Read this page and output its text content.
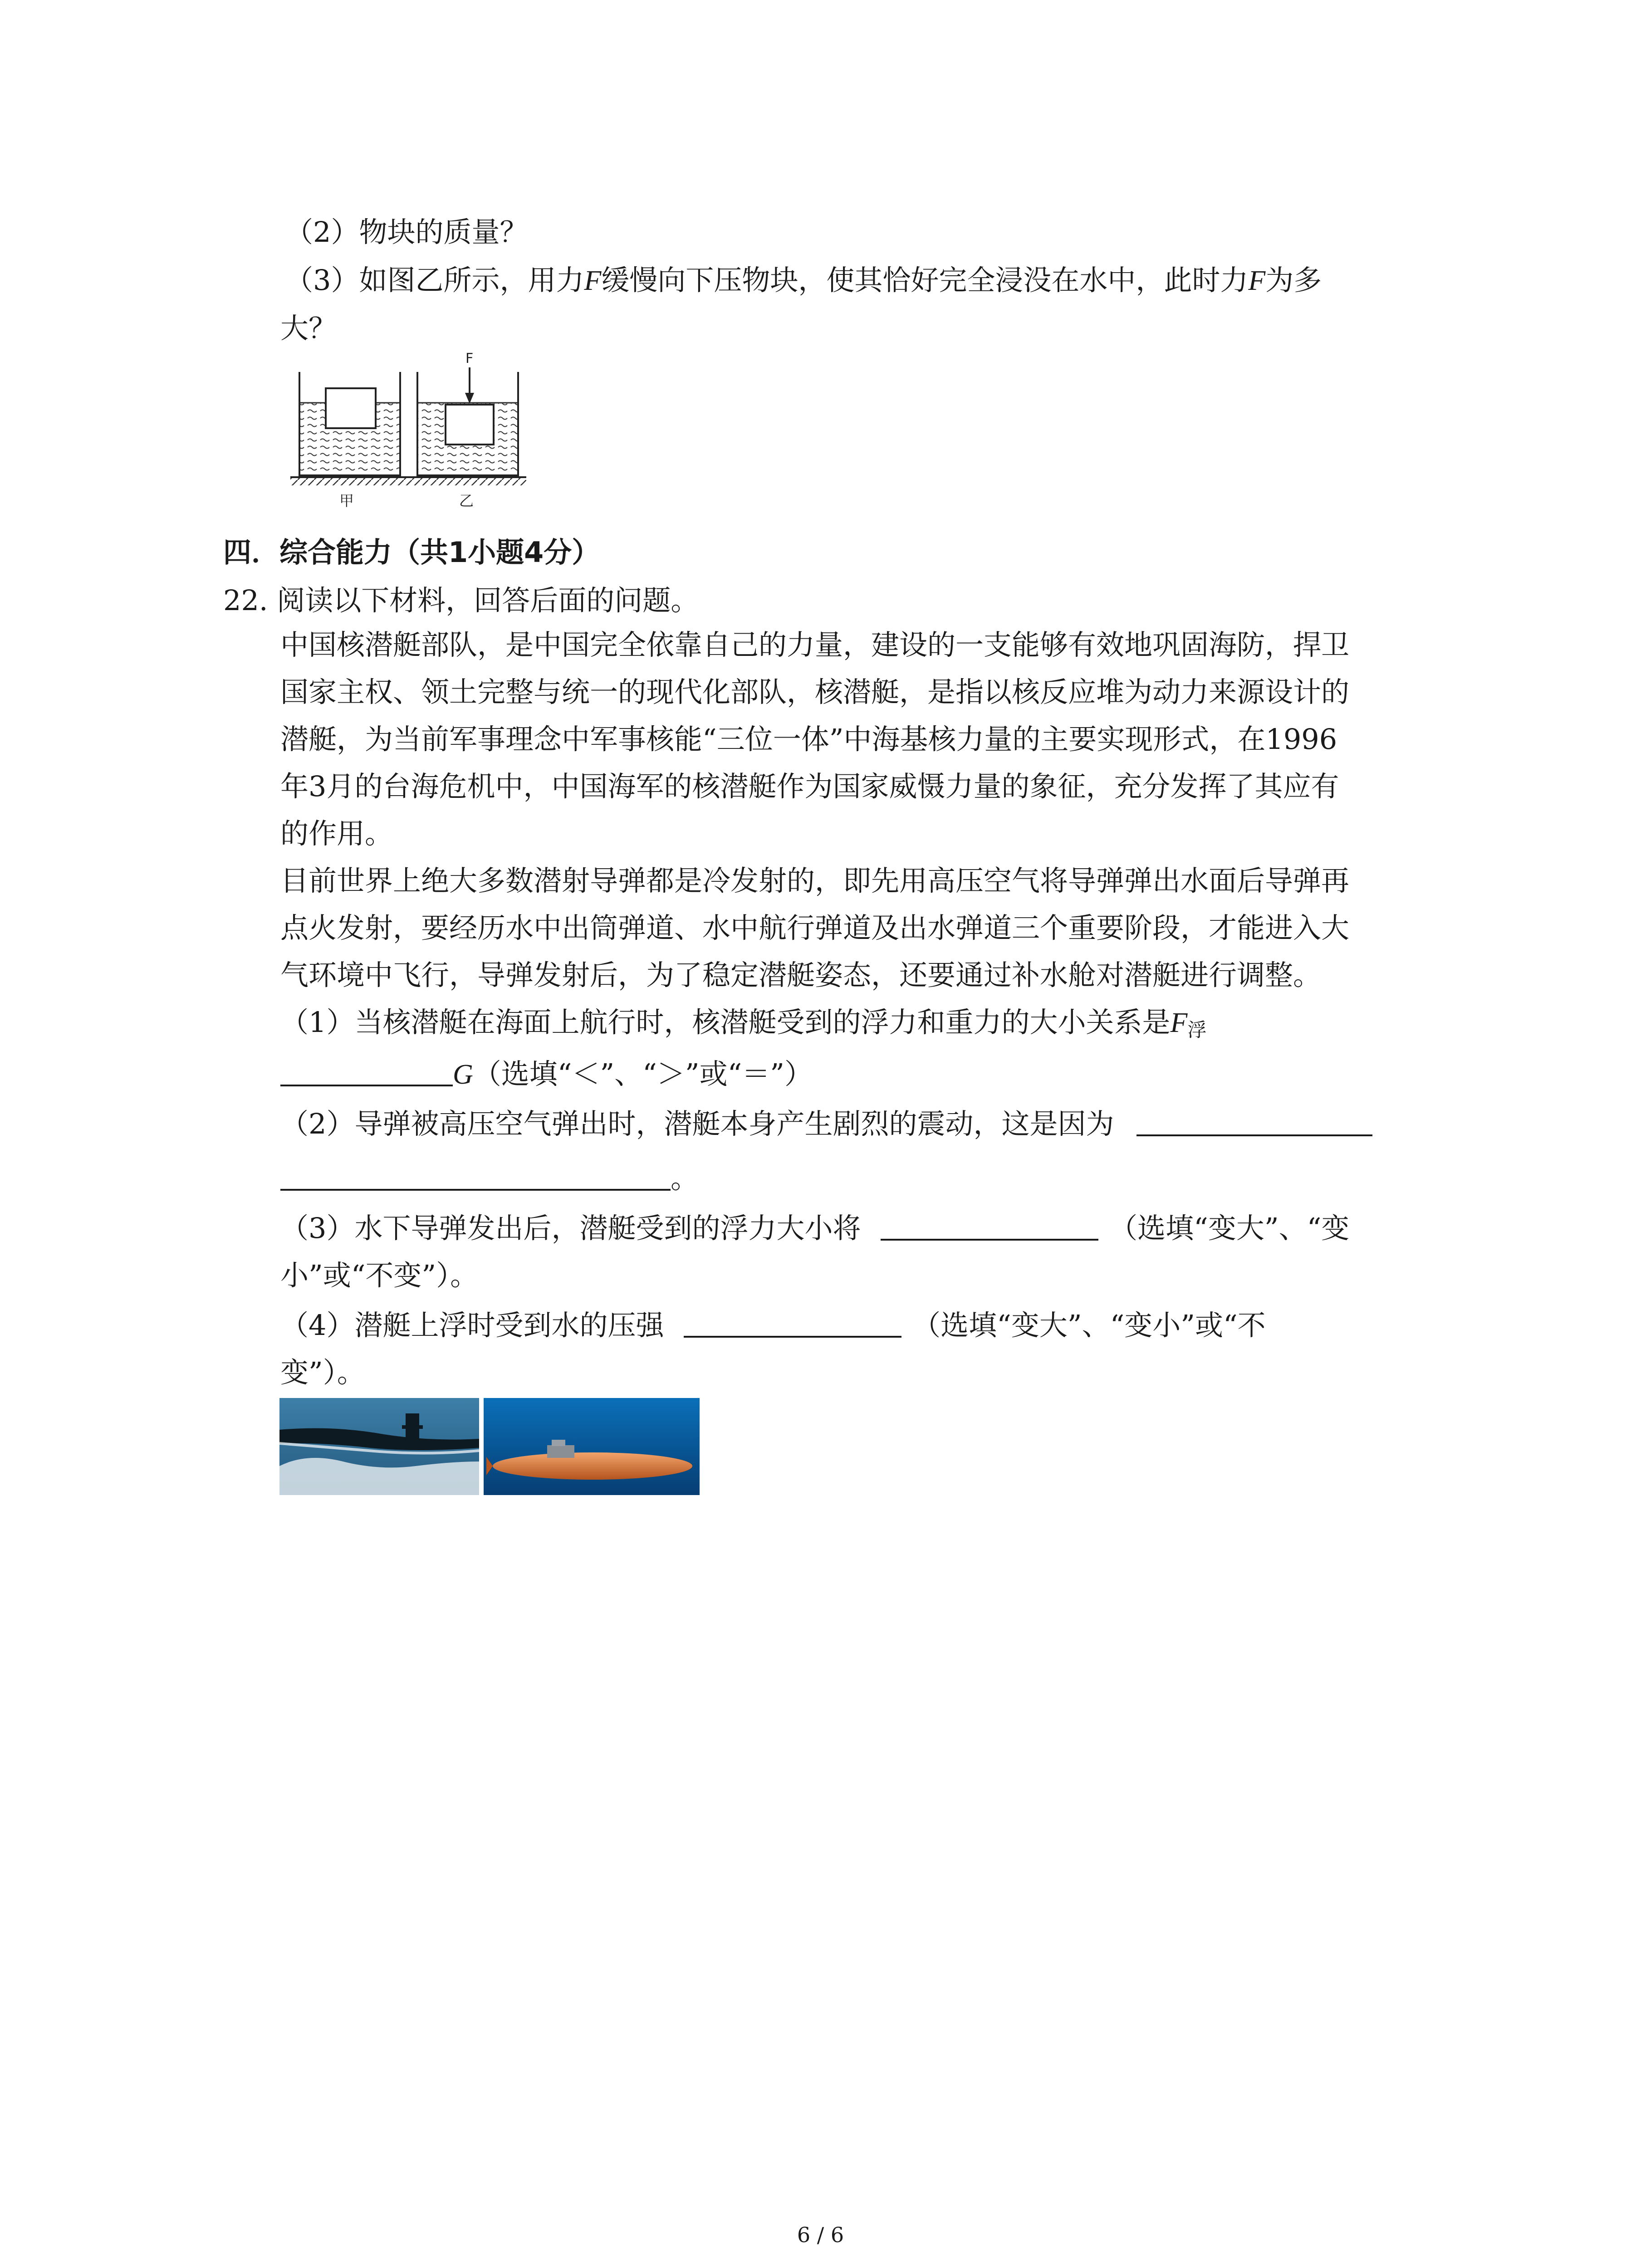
（2）物块的质量？
（3）如图乙所示，用力F缓慢向下压物块，使其恰好完全浸没在水中，此时力F为多
大？
F
甲	乙
四．综合能力（共1小题4分）
22. 阅读以下材料，回答后面的问题。
中国核潜艇部队，是中国完全依靠自己的力量，建设的一支能够有效地巩固海防，捍卫
国家主权、领土完整与统一的现代化部队，核潜艇，是指以核反应堆为动力来源设计的
潜艇，为当前军事理念中军事核能“三位一体”中海基核力量的主要实现形式，在1996
年3月的台海危机中，中国海军的核潜艇作为国家威慑力量的象征，充分发挥了其应有
的作用。
目前世界上绝大多数潜射导弹都是冷发射的，即先用高压空气将导弹弹出水面后导弹再
点火发射，要经历水中出筒弹道、水中航行弹道及出水弹道三个重要阶段，才能进入大
气环境中飞行，导弹发射后，为了稳定潜艇姿态，还要通过补水舱对潜艇进行调整。
（1）当核潜艇在海面上航行时，核潜艇受到的浮力和重力的大小关系是$F_浮$
G（选填“＜”、“＞”或“＝”）
（2）导弹被高压空气弹出时，潜艇本身产生剧烈的震动，这是因为
。
（3）水下导弹发出后，潜艇受到的浮力大小将	（选填“变大”、“变
小”或“不变”）。
（4）潜艇上浮时受到水的压强	（选填“变大”、“变小”或“不
变”）。
6 / 6
